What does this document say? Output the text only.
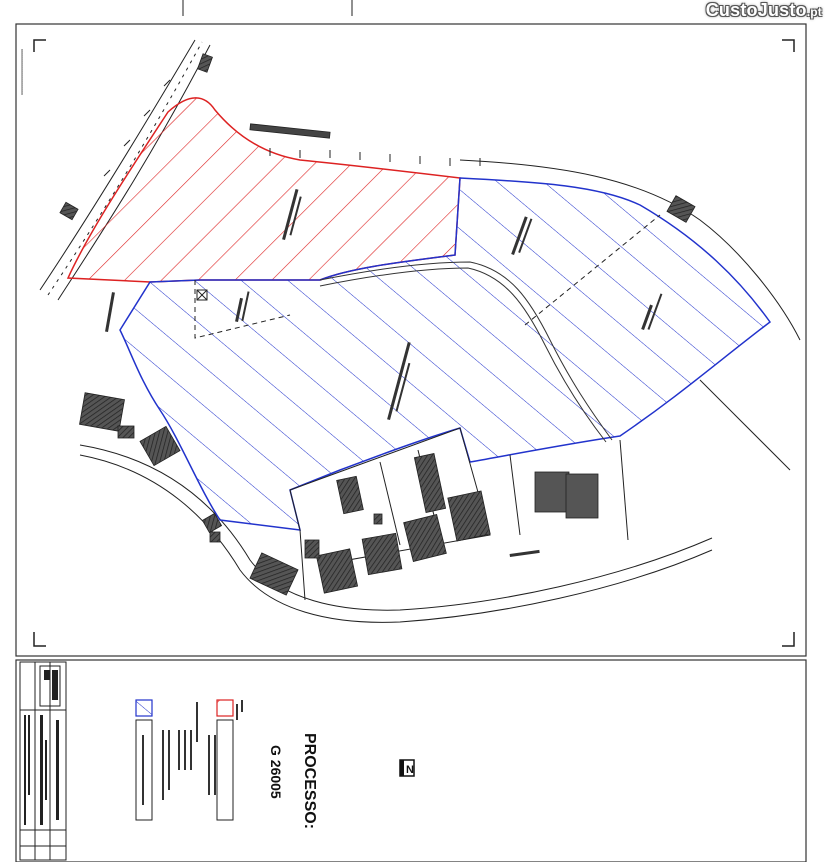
xxxxxxxxxxxxxxxxxxxxxxx
N
PROCESSO:
G 26005
CustoJusto.pt
